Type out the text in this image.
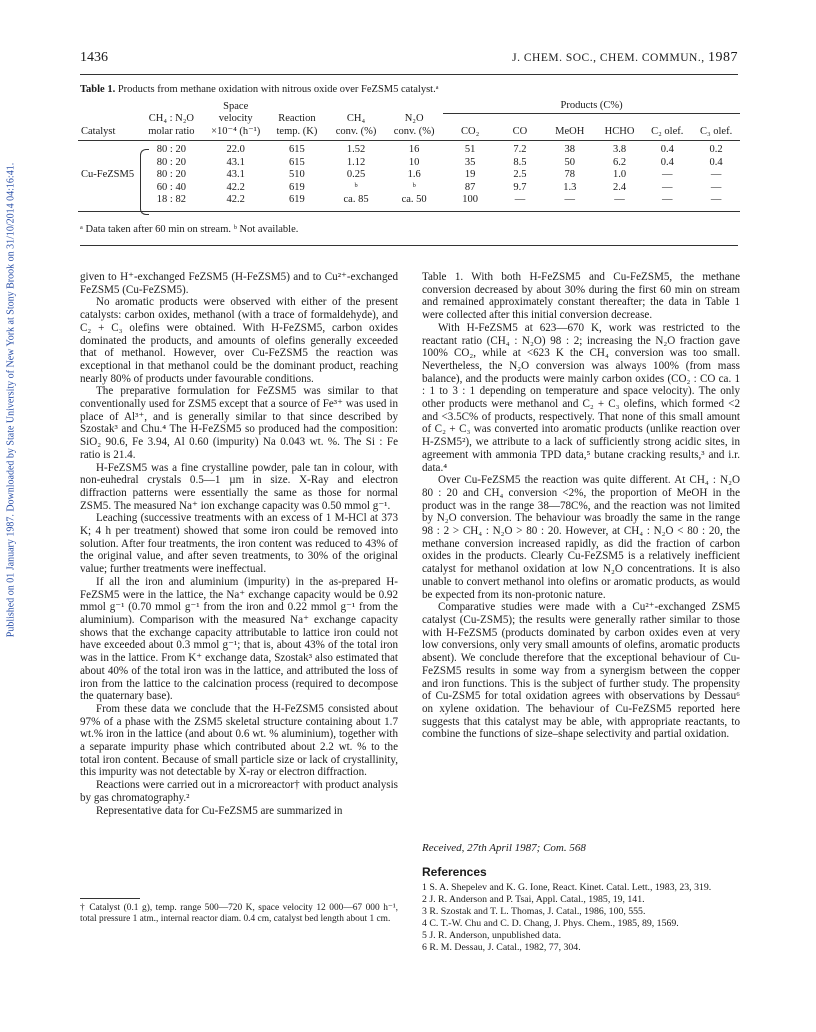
Published on 01 January 1987. Downloaded by State University of New York at Stony Brook on 31/10/2014 04:16:41.
1436	J. CHEM. SOC., CHEM. COMMUN., 1987
Table 1. Products from methane oxidation with nitrous oxide over FeZSM5 catalyst.ᵃ
		Space				Products (C%)					
	CH₄ : N₂O	velocity	Reaction	CH₄	N₂O						
Catalyst	molar ratio	×10⁻⁴ (h⁻¹)	temp. (K)	conv. (%)	conv. (%)	CO₂	CO	MeOH	HCHO	C₂ olef.	C₃ olef.
	80 : 20	22.0	615	1.52	16	51	7.2	38	3.8	0.4	0.2
	80 : 20	43.1	615	1.12	10	35	8.5	50	6.2	0.4	0.4
Cu-FeZSM5	80 : 20	43.1	510	0.25	1.6	19	2.5	78	1.0	—	—
	60 : 40	42.2	619	ᵇ	ᵇ	87	9.7	1.3	2.4	—	—
	18 : 82	42.2	619	ca. 85	ca. 50	100	—	—	—	—	—
ᵃ Data taken after 60 min on stream. ᵇ Not available.

given to H⁺-exchanged FeZSM5 (H-FeZSM5) and to Cu²⁺-exchanged FeZSM5 (Cu-FeZSM5).

No aromatic products were observed with either of the present catalysts: carbon oxides, methanol (with a trace of formaldehyde), and C₂ + C₃ olefins were obtained. With H-FeZSM5, carbon oxides dominated the products, and amounts of olefins generally exceeded that of methanol. However, over Cu-FeZSM5 the reaction was exceptional in that methanol could be the dominant product, reaching nearly 80% of products under favourable conditions.

The preparative formulation for FeZSM5 was similar to that conventionally used for ZSM5 except that a source of Fe³⁺ was used in place of Al³⁺, and is generally similar to that since described by Szostak³ and Chu.⁴ The H-FeZSM5 so produced had the composition: SiO₂ 90.6, Fe 3.94, Al 0.60 (impurity) Na 0.043 wt. %. The Si : Fe ratio is 21.4.

H-FeZSM5 was a fine crystalline powder, pale tan in colour, with non-euhedral crystals 0.5—1 µm in size. X-Ray and electron diffraction patterns were essentially the same as those for normal ZSM5. The measured Na⁺ ion exchange capacity was 0.50 mmol g⁻¹.

Leaching (successive treatments with an excess of 1 M-HCl at 373 K; 4 h per treatment) showed that some iron could be removed into solution. After four treatments, the iron content was reduced to 43% of the original value, and after seven treatments, to 30% of the original value; further treatments were ineffectual.

If all the iron and aluminium (impurity) in the as-prepared H-FeZSM5 were in the lattice, the Na⁺ exchange capacity would be 0.92 mmol g⁻¹ (0.70 mmol g⁻¹ from the iron and 0.22 mmol g⁻¹ from the aluminium). Comparison with the measured Na⁺ exchange capacity shows that the exchange capacity attributable to lattice iron could not have exceeded about 0.3 mmol g⁻¹; that is, about 43% of the total iron was in the lattice. From K⁺ exchange data, Szostak³ also estimated that about 40% of the total iron was in the lattice, and attributed the loss of iron from the lattice to the calcination process (required to decompose the quaternary base).

From these data we conclude that the H-FeZSM5 consisted about 97% of a phase with the ZSM5 skeletal structure containing about 1.7 wt.% iron in the lattice (and about 0.6 wt. % aluminium), together with a separate impurity phase which contributed about 2.2 wt. % to the total iron content. Because of small particle size or lack of crystallinity, this impurity was not detectable by X-ray or electron diffraction.

Reactions were carried out in a microreactor† with product analysis by gas chromatography.²

Representative data for Cu-FeZSM5 are summarized in

† Catalyst (0.1 g), temp. range 500—720 K, space velocity 12 000—67 000 h⁻¹, total pressure 1 atm., internal reactor diam. 0.4 cm, catalyst bed length about 1 cm.

Table 1. With both H-FeZSM5 and Cu-FeZSM5, the methane conversion decreased by about 30% during the first 60 min on stream and remained approximately constant thereafter; the data in Table 1 were collected after this initial conversion decrease.

With H-FeZSM5 at 623—670 K, work was restricted to the reactant ratio (CH₄ : N₂O) 98 : 2; increasing the N₂O fraction gave 100% CO₂, while at <623 K the CH₄ conversion was too small. Nevertheless, the N₂O conversion was always 100% (from mass balance), and the products were mainly carbon oxides (CO₂ : CO ca. 1 : 1 to 3 : 1 depending on temperature and space velocity). The only other products were methanol and C₂ + C₃ olefins, which formed <2 and <3.5C% of products, respectively. That none of this small amount of C₂ + C₃ was converted into aromatic products (unlike reaction over H-ZSM5²), we attribute to a lack of sufficiently strong acidic sites, in agreement with ammonia TPD data,⁵ butane cracking results,³ and i.r. data.⁴

Over Cu-FeZSM5 the reaction was quite different. At CH₄ : N₂O 80 : 20 and CH₄ conversion <2%, the proportion of MeOH in the product was in the range 38—78C%, and the reaction was not limited by N₂O conversion. The behaviour was broadly the same in the range 98 : 2 > CH₄ : N₂O > 80 : 20. However, at CH₄ : N₂O < 80 : 20, the methane conversion increased rapidly, as did the fraction of carbon oxides in the products. Clearly Cu-FeZSM5 is a relatively inefficient catalyst for methanol oxidation at low N₂O concentrations. It is also unable to convert methanol into olefins or aromatic products, as would be expected from its non-protonic nature.

Comparative studies were made with a Cu²⁺-exchanged ZSM5 catalyst (Cu-ZSM5); the results were generally rather similar to those with H-FeZSM5 (products dominated by carbon oxides even at very low conversions, only very small amounts of olefins, aromatic products absent). We conclude therefore that the exceptional behaviour of Cu-FeZSM5 results in some way from a synergism between the copper and iron functions. This is the subject of further study. The propensity of Cu-ZSM5 for total oxidation agrees with observations by Dessau⁶ on xylene oxidation. The behaviour of Cu-FeZSM5 reported here suggests that this catalyst may be able, with appropriate reactants, to combine the functions of size–shape selectivity and partial oxidation.

Received, 27th April 1987; Com. 568
References
1 S. A. Shepelev and K. G. Ione, React. Kinet. Catal. Lett., 1983, 23, 319.
2 J. R. Anderson and P. Tsai, Appl. Catal., 1985, 19, 141.
3 R. Szostak and T. L. Thomas, J. Catal., 1986, 100, 555.
4 C. T.-W. Chu and C. D. Chang, J. Phys. Chem., 1985, 89, 1569.
5 J. R. Anderson, unpublished data.
6 R. M. Dessau, J. Catal., 1982, 77, 304.
